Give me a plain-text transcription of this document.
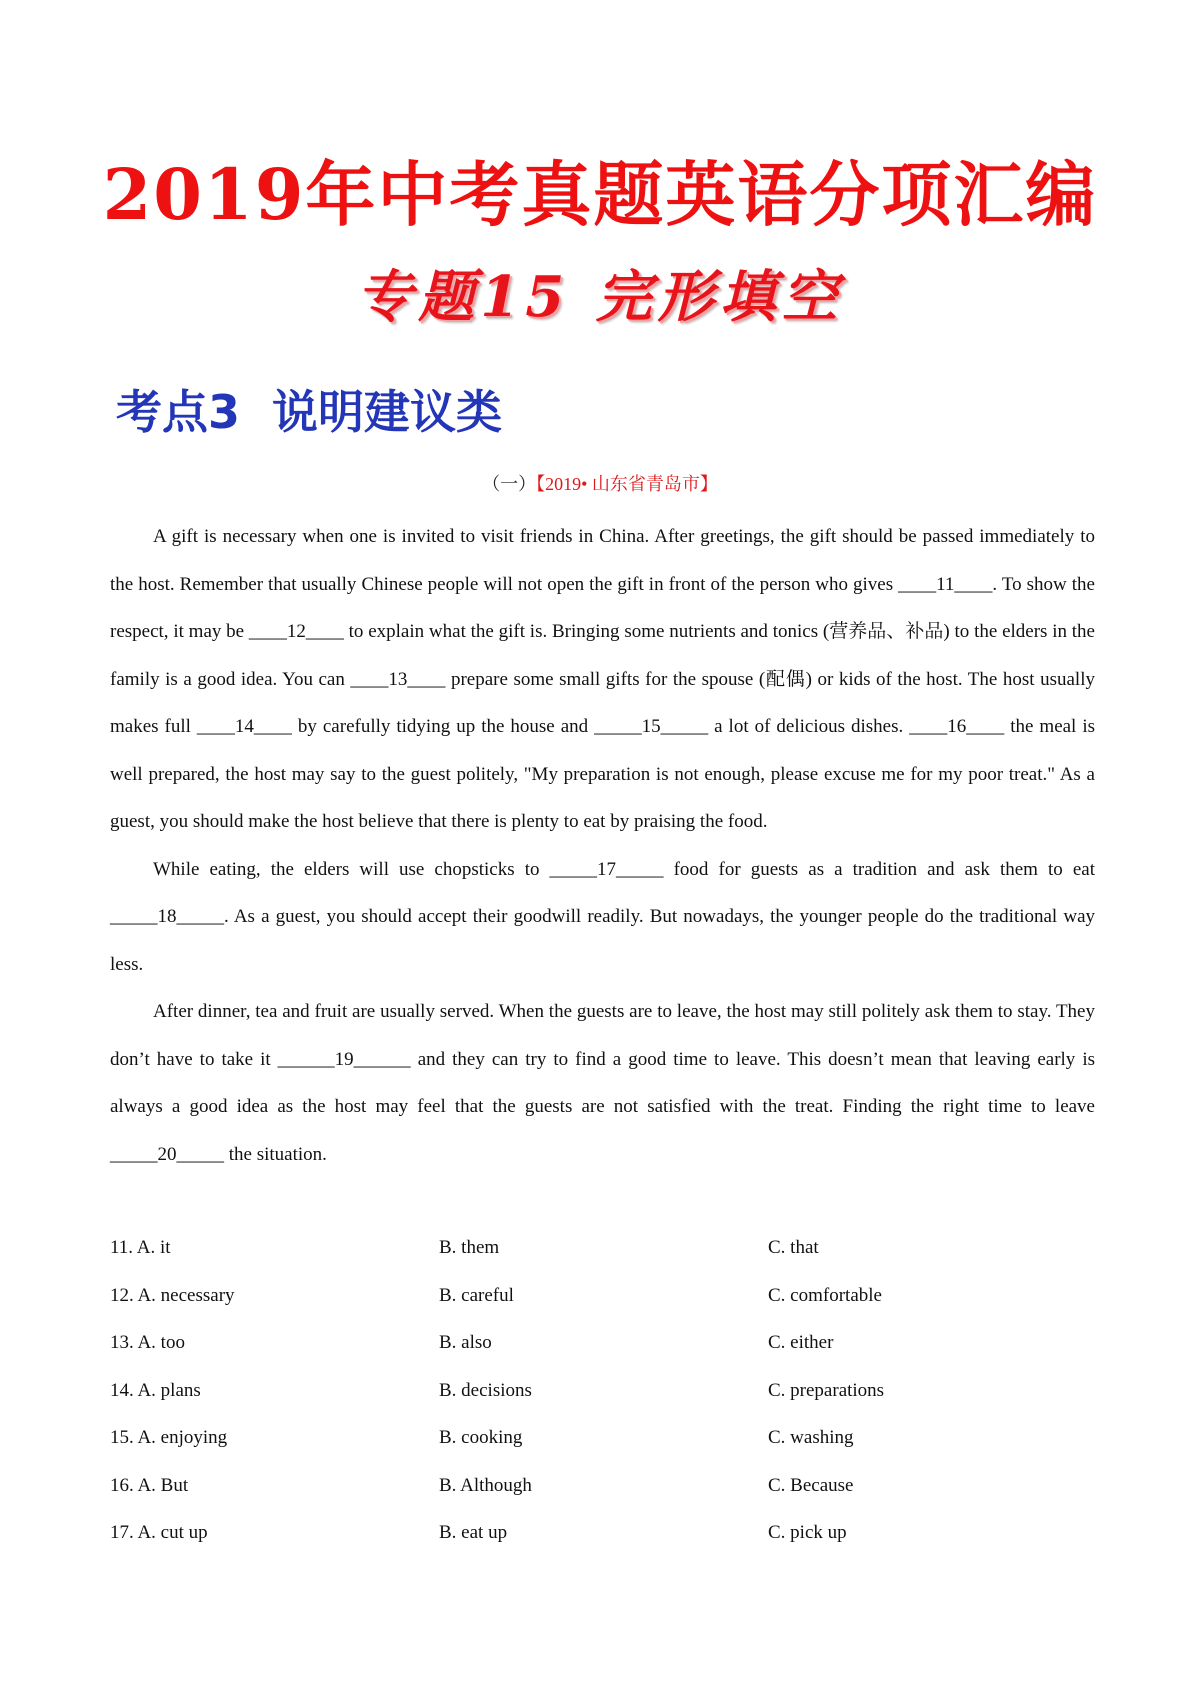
2019年中考真题英语分项汇编
专题15 完形填空
考点3  说明建议类
（一）【2019• 山东省青岛市】

A gift is necessary when one is invited to visit friends in China. After greetings, the gift should be passed immediately to the host. Remember that usually Chinese people will not open the gift in front of the person who gives ____11____. To show the respect, it may be ____12____ to explain what the gift is. Bringing some nutrients and tonics (营养品、补品) to the elders in the family is a good idea. You can ____13____ prepare some small gifts for the spouse (配偶) or kids of the host. The host usually makes full ____14____ by carefully tidying up the house and _____15_____ a lot of delicious dishes. ____16____ the meal is well prepared, the host may say to the guest politely, "My preparation is not enough, please excuse me for my poor treat." As a guest, you should make the host believe that there is plenty to eat by praising the food.

While eating, the elders will use chopsticks to _____17_____ food for guests as a tradition and ask them to eat _____18_____. As a guest, you should accept their goodwill readily. But nowadays, the younger people do the traditional way less.

After dinner, tea and fruit are usually served. When the guests are to leave, the host may still politely ask them to stay. They don’t have to take it ______19______ and they can try to find a good time to leave. This doesn’t mean that leaving early is always a good idea as the host may feel that the guests are not satisfied with the treat. Finding the right time to leave _____20_____ the situation.

11. A. it	B. them	C. that
12. A. necessary	B. careful	C. comfortable
13. A. too	B. also	C. either
14. A. plans	B. decisions	C. preparations
15. A. enjoying	B. cooking	C. washing
16. A. But	B. Although	C. Because
17. A. cut up	B. eat up	C. pick up
